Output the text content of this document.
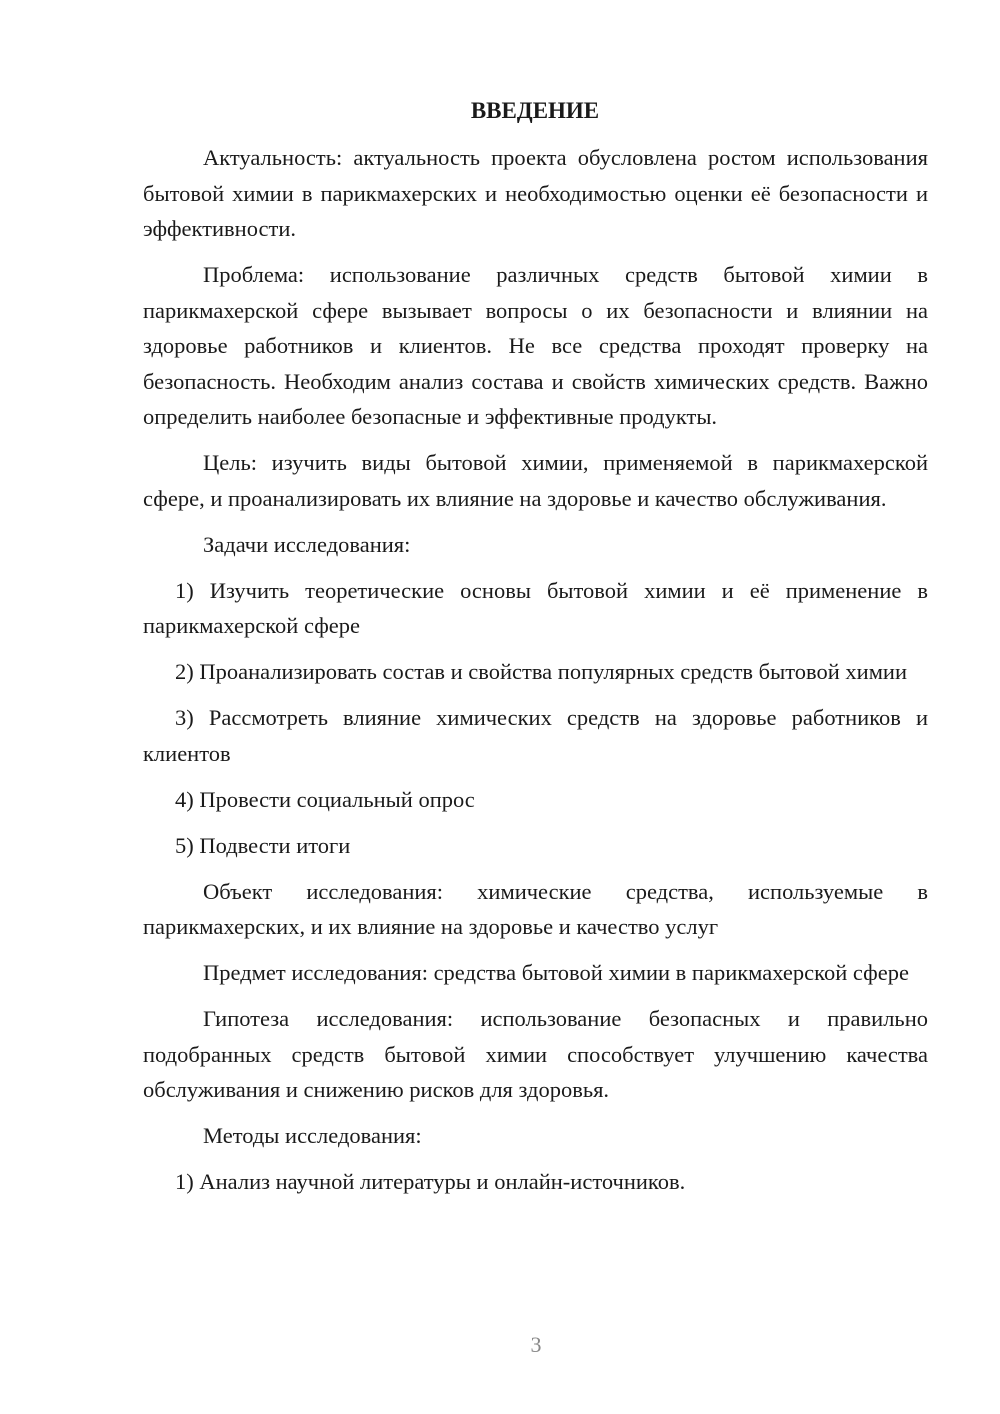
ВВЕДЕНИЕ

Актуальность: актуальность проекта обусловлена ростом использования бытовой химии в парикмахерских и необходимостью оценки её безопасности и эффективности.

Проблема: использование различных средств бытовой химии в парикмахерской сфере вызывает вопросы о их безопасности и влиянии на здоровье работников и клиентов. Не все средства проходят проверку на безопасность. Необходим анализ состава и свойств химических средств. Важно определить наиболее безопасные и эффективные продукты.

Цель: изучить виды бытовой химии, применяемой в парикмахерской сфере, и проанализировать их влияние на здоровье и качество обслуживания.

Задачи исследования:

1) Изучить теоретические основы бытовой химии и её применение в парикмахерской сфере

2) Проанализировать состав и свойства популярных средств бытовой химии

3) Рассмотреть влияние химических средств на здоровье работников и клиентов

4) Провести социальный опрос

5) Подвести итоги

Объект исследования: химические средства, используемые в парикмахерских, и их влияние на здоровье и качество услуг

Предмет исследования: средства бытовой химии в парикмахерской сфере

Гипотеза исследования: использование безопасных и правильно подобранных средств бытовой химии способствует улучшению качества обслуживания и снижению рисков для здоровья.

Методы исследования:

1) Анализ научной литературы и онлайн-источников.

3
